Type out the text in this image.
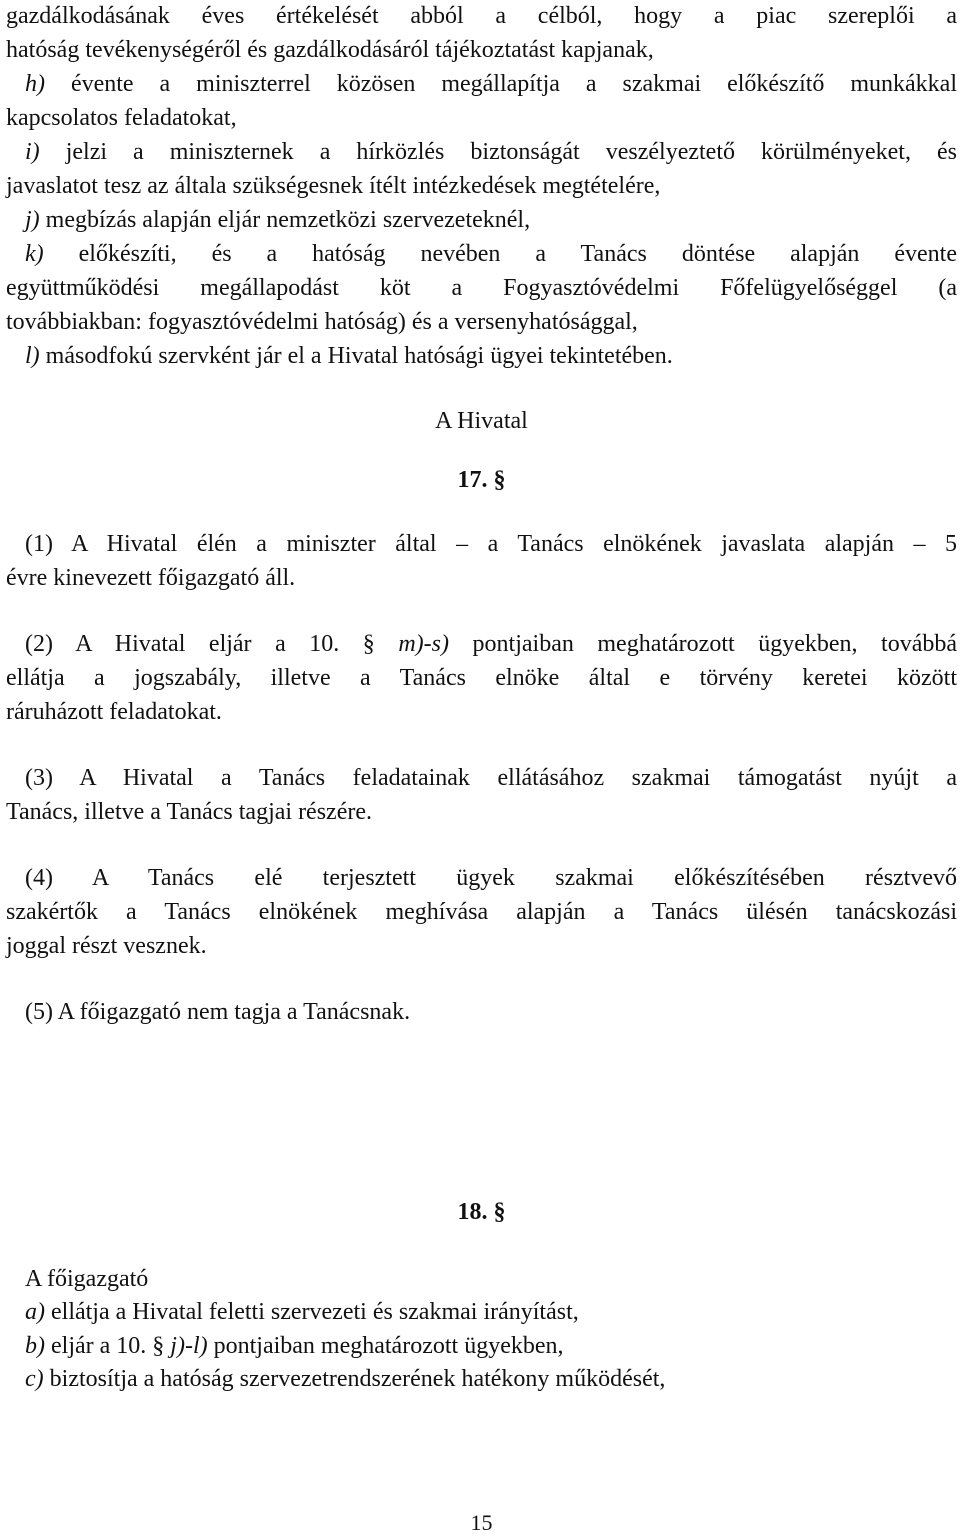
gazdálkodásának éves értékelését abból a célból, hogy a piac szereplői a
hatóság tevékenységéről és gazdálkodásáról tájékoztatást kapjanak,
h) évente a miniszterrel közösen megállapítja a szakmai előkészítő munkákkal
kapcsolatos feladatokat,
i) jelzi a miniszternek a hírközlés biztonságát veszélyeztető körülményeket, és
javaslatot tesz az általa szükségesnek ítélt intézkedések megtételére,
j) megbízás alapján eljár nemzetközi szervezeteknél,
k) előkészíti, és a hatóság nevében a Tanács döntése alapján évente
együttműködési megállapodást köt a Fogyasztóvédelmi Főfelügyelőséggel (a
továbbiakban: fogyasztóvédelmi hatóság) és a versenyhatósággal,
l) másodfokú szervként jár el a Hivatal hatósági ügyei tekintetében.
A Hivatal
17. §
(1) A Hivatal élén a miniszter által – a Tanács elnökének javaslata alapján – 5
évre kinevezett főigazgató áll.
(2) A Hivatal eljár a 10. § m)-s) pontjaiban meghatározott ügyekben, továbbá
ellátja a jogszabály, illetve a Tanács elnöke által e törvény keretei között
ráruházott feladatokat.
(3) A Hivatal a Tanács feladatainak ellátásához szakmai támogatást nyújt a
Tanács, illetve a Tanács tagjai részére.
(4) A Tanács elé terjesztett ügyek szakmai előkészítésében résztvevő
szakértők a Tanács elnökének meghívása alapján a Tanács ülésén tanácskozási
joggal részt vesznek.
(5) A főigazgató nem tagja a Tanácsnak.
18. §
A főigazgató
a) ellátja a Hivatal feletti szervezeti és szakmai irányítást,
b) eljár a 10. § j)-l) pontjaiban meghatározott ügyekben,
c) biztosítja a hatóság szervezetrendszerének hatékony működését,
15
